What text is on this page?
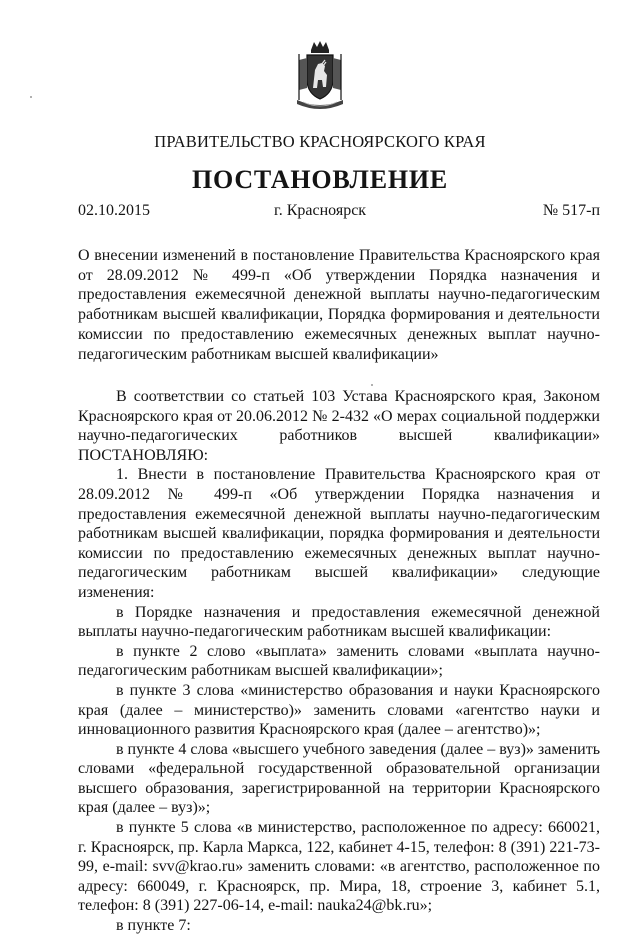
ПРАВИТЕЛЬСТВО КРАСНОЯРСКОГО КРАЯ
ПОСТАНОВЛЕНИЕ
02.10.2015	г. Красноярск	№ 517-п
О внесении изменений в постановление Правительства Красноярского края от 28.09.2012 № 499-п «Об утверждении Порядка назначения и предоставления ежемесячной денежной выплаты научно-педагогическим работникам высшей квалификации, Порядка формирования и деятельности комиссии по предоставлению ежемесячных денежных выплат научно-педагогическим работникам высшей квалификации»

В соответствии со статьей 103 Устава Красноярского края, Законом Красноярского края от 20.06.2012 № 2-432 «О мерах социальной поддержки научно-педагогических работников высшей квалификации» ПОСТАНОВЛЯЮ:

1. Внести в постановление Правительства Красноярского края от 28.09.2012 № 499-п «Об утверждении Порядка назначения и предоставления ежемесячной денежной выплаты научно-педагогическим работникам высшей квалификации, порядка формирования и деятельности комиссии по предоставлению ежемесячных денежных выплат научно-педагогическим работникам высшей квалификации» следующие изменения:

в Порядке назначения и предоставления ежемесячной денежной выплаты научно-педагогическим работникам высшей квалификации:

в пункте 2 слово «выплата» заменить словами «выплата научно-педагогическим работникам высшей квалификации»;

в пункте 3 слова «министерство образования и науки Красноярского края (далее – министерство)» заменить словами «агентство науки и инновационного развития Красноярского края (далее – агентство)»;

в пункте 4 слова «высшего учебного заведения (далее – вуз)» заменить словами «федеральной государственной образовательной организации высшего образования, зарегистрированной на территории Красноярского края (далее – вуз)»;

в пункте 5 слова «в министерство, расположенное по адресу: 660021, г. Красноярск, пр. Карла Маркса, 122, кабинет 4-15, телефон: 8 (391) 221-73-99, e-mail: svv@krao.ru» заменить словами: «в агентство, расположенное по адресу: 660049, г. Красноярск, пр. Мира, 18, строение 3, кабинет 5.1, телефон: 8 (391) 227-06-14, e-mail: nauka24@bk.ru»;

в пункте 7:
